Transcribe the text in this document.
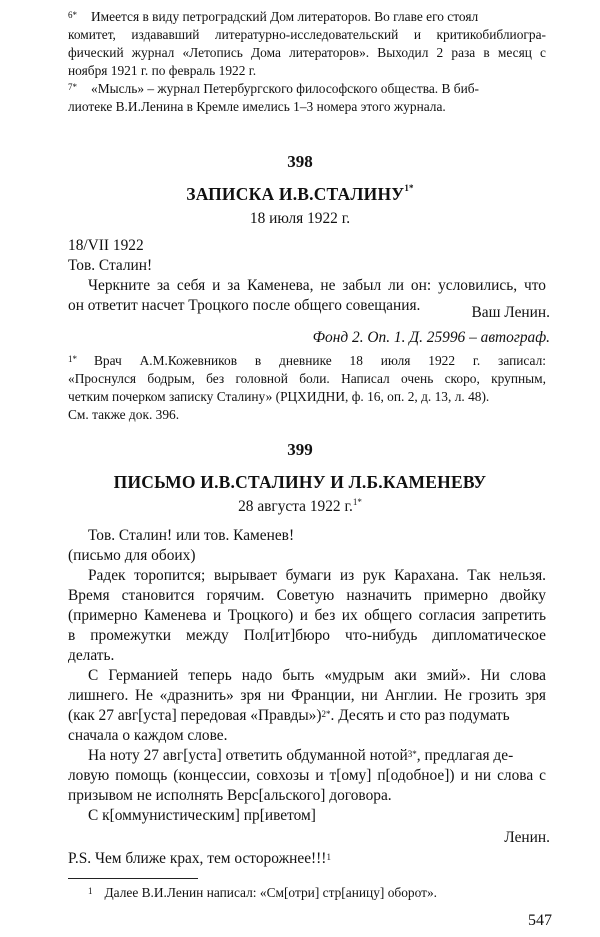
$^{6*}$ Имеется в виду петроградский Дом литераторов. Во главе его стоял
комитет, издававший литературно-исследовательский и критикобиблиогра-
фический журнал «Летопись Дома литераторов». Выходил 2 раза в месяц с
ноября 1921 г. по февраль 1922 г.
$^{7*}$ «Мысль» – журнал Петербургского философского общества. В биб-
лиотеке В.И.Ленина в Кремле имелись 1–3 номера этого журнала.
398
ЗАПИСКА $И.В.СТАЛИНУ^{1*}$
18 июля 1922 г.
18/VII 1922
Тов. Сталин!
Черкните за себя и за Каменева, не забыл ли он: условились, что
он ответит насчет Троцкого после общего совещания.	Ваш Ленин.
Фонд 2. Оп. 1. Д. 25996 – автограф.
$^{1*}$ Врач А.М.Кожевников в дневнике 18 июля 1922 г. записал:
«Проснулся бодрым, без головной боли. Написал очень скоро, крупным,
четким почерком записку Сталину» (РЦХИДНИ, ф. 16, оп. 2, д. 13, л. 48).
См. также док. 396.
399
ПИСЬМО И.В.СТАЛИНУ И Л.Б.КАМЕНЕВУ
28 августа 1922 г.$^{1*}$
Тов. Сталин! или тов. Каменев!
(письмо для обоих)
Радек торопится; вырывает бумаги из рук Карахана. Так нельзя.
Время становится горячим. Советую назначить примерно двойку
(примерно Каменева и Троцкого) и без их общего согласия запретить
в промежутки между Пол[ит]бюро что-нибудь дипломатическое
делать.
С Германией теперь надо быть «мудрым аки змий». Ни слова
лишнего. Не «дразнить» зря ни Франции, ни Англии. Не грозить зря
(как 27 авг[уста] передовая «Правды»)$^{2*}$. Десять и сто раз подумать
сначала о каждом слове.
На ноту 27 авг[уста] ответить обдуманной нотой$^{3*}$, предлагая де-
ловую помощь (концессии, совхозы и т[ому] п[одобное]) и ни слова с
призывом не исполнять Верс[альского] договора.
С к[оммунистическим] пр[иветом]
Ленин.
P.S. Чем ближе крах, тем осторожнее!!!$^1$
$^1$ Далее В.И.Ленин написал: «См[отри] стр[аницу] оборот».
547
